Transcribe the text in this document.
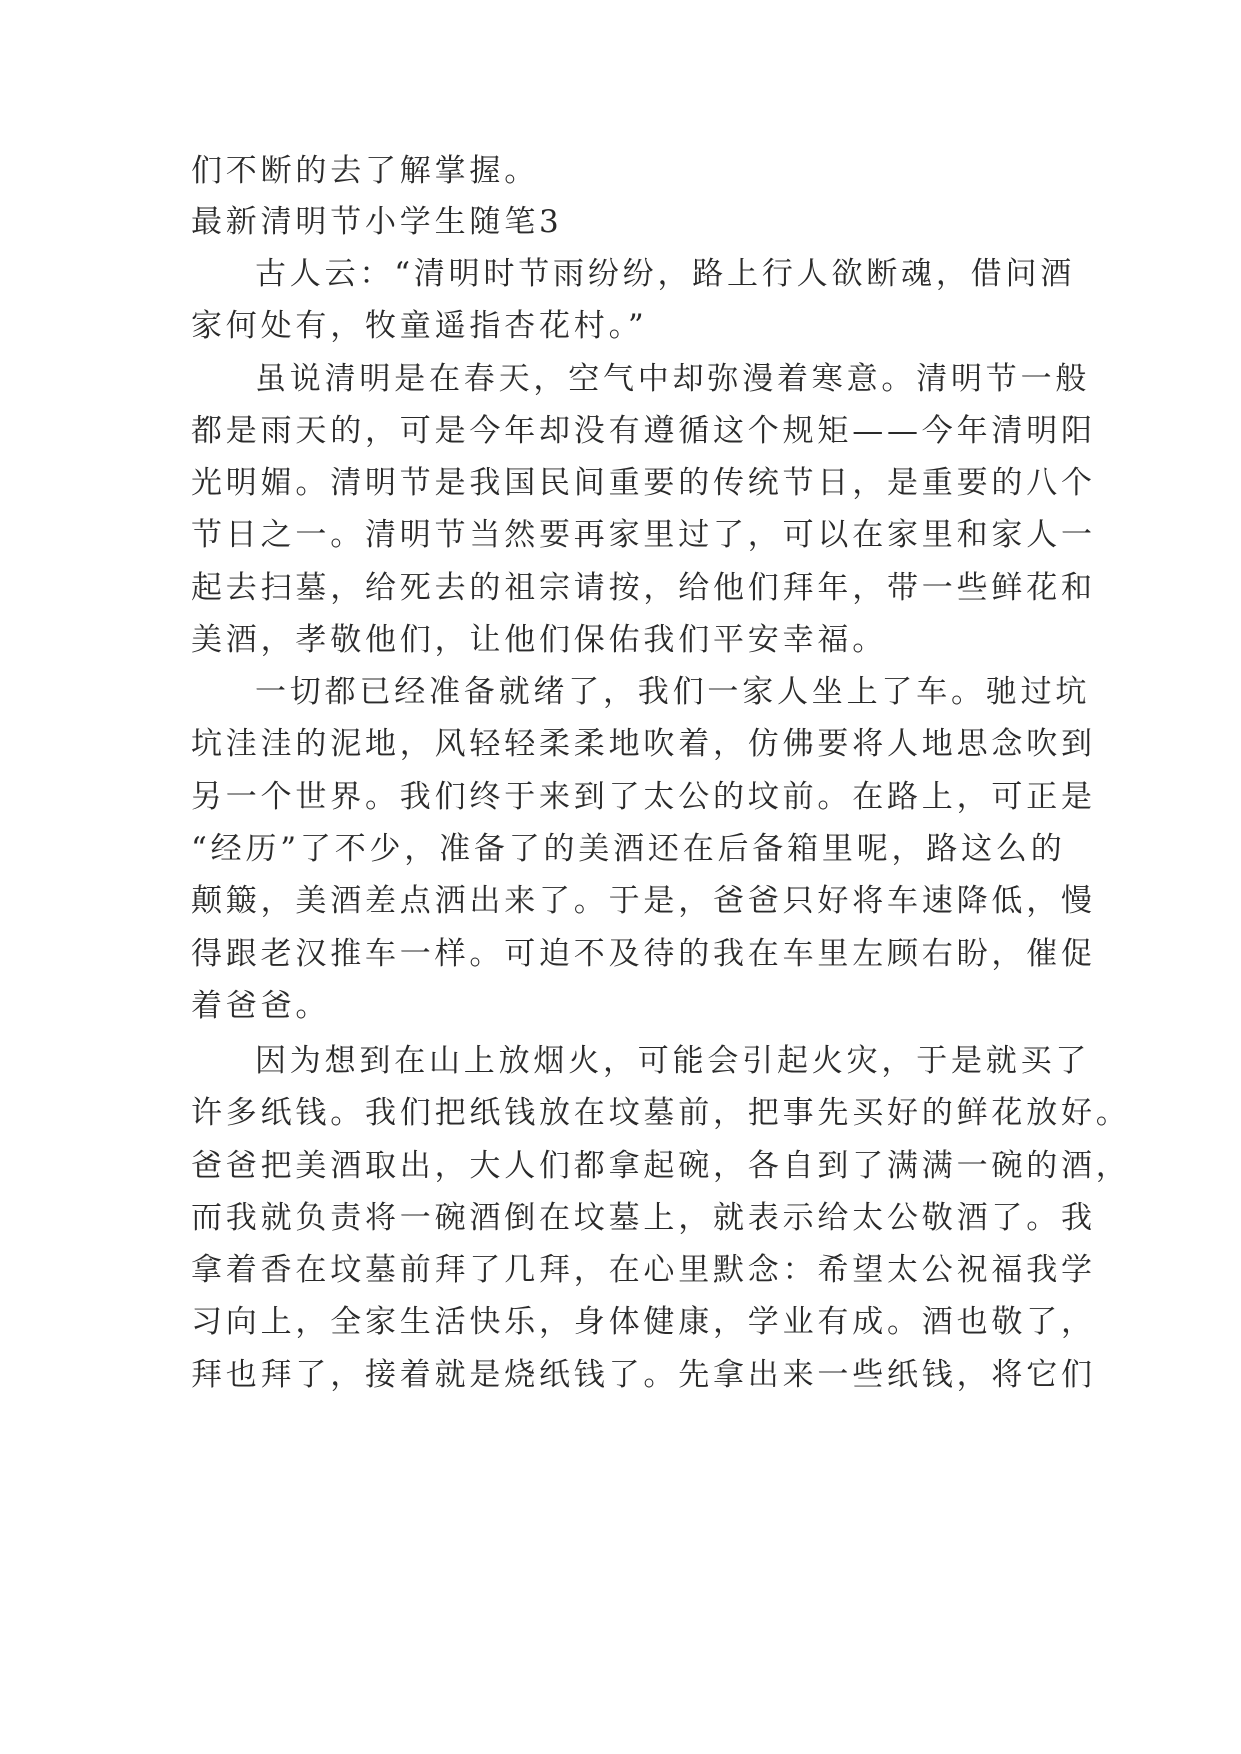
们不断的去了解掌握。

最新清明节小学生随笔3

古人云：“清明时节雨纷纷，路上行人欲断魂，借问酒

家何处有，牧童遥指杏花村。”

虽说清明是在春天，空气中却弥漫着寒意。清明节一般

都是雨天的，可是今年却没有遵循这个规矩——今年清明阳

光明媚。清明节是我国民间重要的传统节日，是重要的八个

节日之一。清明节当然要再家里过了，可以在家里和家人一

起去扫墓，给死去的祖宗请按，给他们拜年，带一些鲜花和

美酒，孝敬他们，让他们保佑我们平安幸福。

一切都已经准备就绪了，我们一家人坐上了车。驰过坑

坑洼洼的泥地，风轻轻柔柔地吹着，仿佛要将人地思念吹到

另一个世界。我们终于来到了太公的坟前。在路上，可正是

“经历”了不少，准备了的美酒还在后备箱里呢，路这么的

颠簸，美酒差点洒出来了。于是，爸爸只好将车速降低，慢

得跟老汉推车一样。可迫不及待的我在车里左顾右盼，催促

着爸爸。

因为想到在山上放烟火，可能会引起火灾，于是就买了

许多纸钱。我们把纸钱放在坟墓前，把事先买好的鲜花放好。

爸爸把美酒取出，大人们都拿起碗，各自到了满满一碗的酒，

而我就负责将一碗酒倒在坟墓上，就表示给太公敬酒了。我

拿着香在坟墓前拜了几拜，在心里默念：希望太公祝福我学

习向上，全家生活快乐，身体健康，学业有成。酒也敬了，

拜也拜了，接着就是烧纸钱了。先拿出来一些纸钱，将它们
